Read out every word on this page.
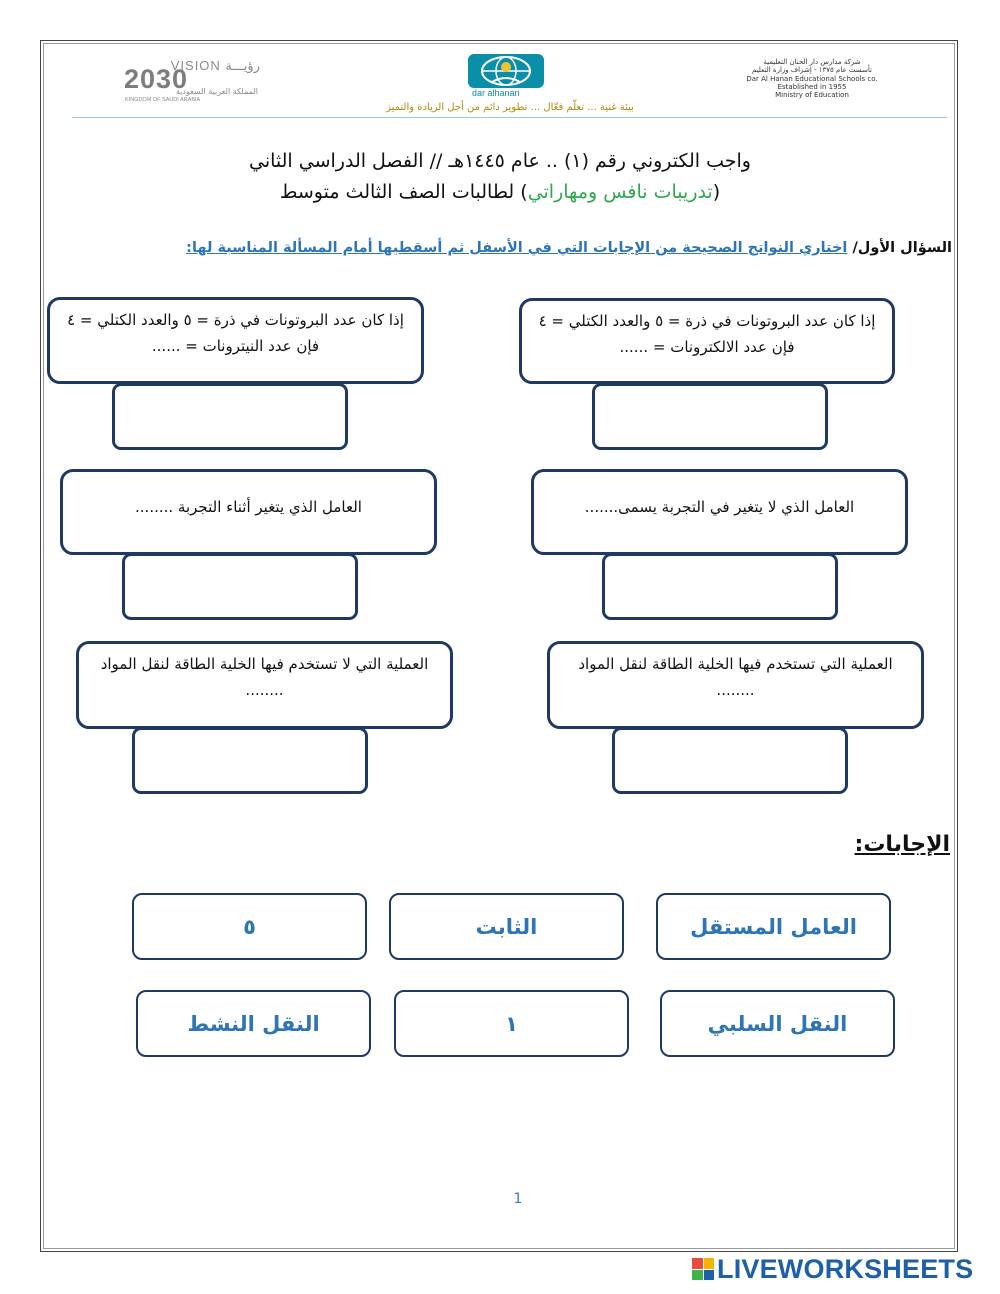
VISION رؤيـــة
2030
المملكة العربية السعودية
KINGDOM OF SAUDI ARABIA
dar alhanan
شركة مدارس دار الحنان التعليمية
تأسست عام ١٣٧٥ - إشراف وزارة التعليم
Dar Al Hanan Educational Schools co.
Established in 1955
Ministry of Education
بيئة غنية ... تعلّم فعّال ... تطوير دائم من أجل الريادة والتميز
واجب الكتروني رقم (١) .. عام ١٤٤٥هـ // الفصل الدراسي الثاني
(تدريبات نافس ومهاراتي) لطالبات الصف الثالث متوسط
السؤال الأول/ اختاري النواتج الصحيحة من الإجابات التي في الأسفل ثم أسقطيها أمام المسألة المناسبة لها:
إذا كان عدد البروتونات في ذرة = ٥ والعدد الكتلي = ٤ فإن عدد الالكترونات = ......
إذا كان عدد البروتونات في ذرة = ٥ والعدد الكتلي = ٤ فإن عدد النيترونات = ......
العامل الذي لا يتغير في التجربة يسمى.......
العامل الذي يتغير أثناء التجربة ........
العملية التي تستخدم فيها الخلية الطاقة لنقل المواد ........
العملية التي لا تستخدم فيها الخلية الطاقة لنقل المواد ........
الإجابات:
العامل المستقل
الثابت
٥
النقل السلبي
١
النقل النشط
1
LIVEWORKSHEETS
